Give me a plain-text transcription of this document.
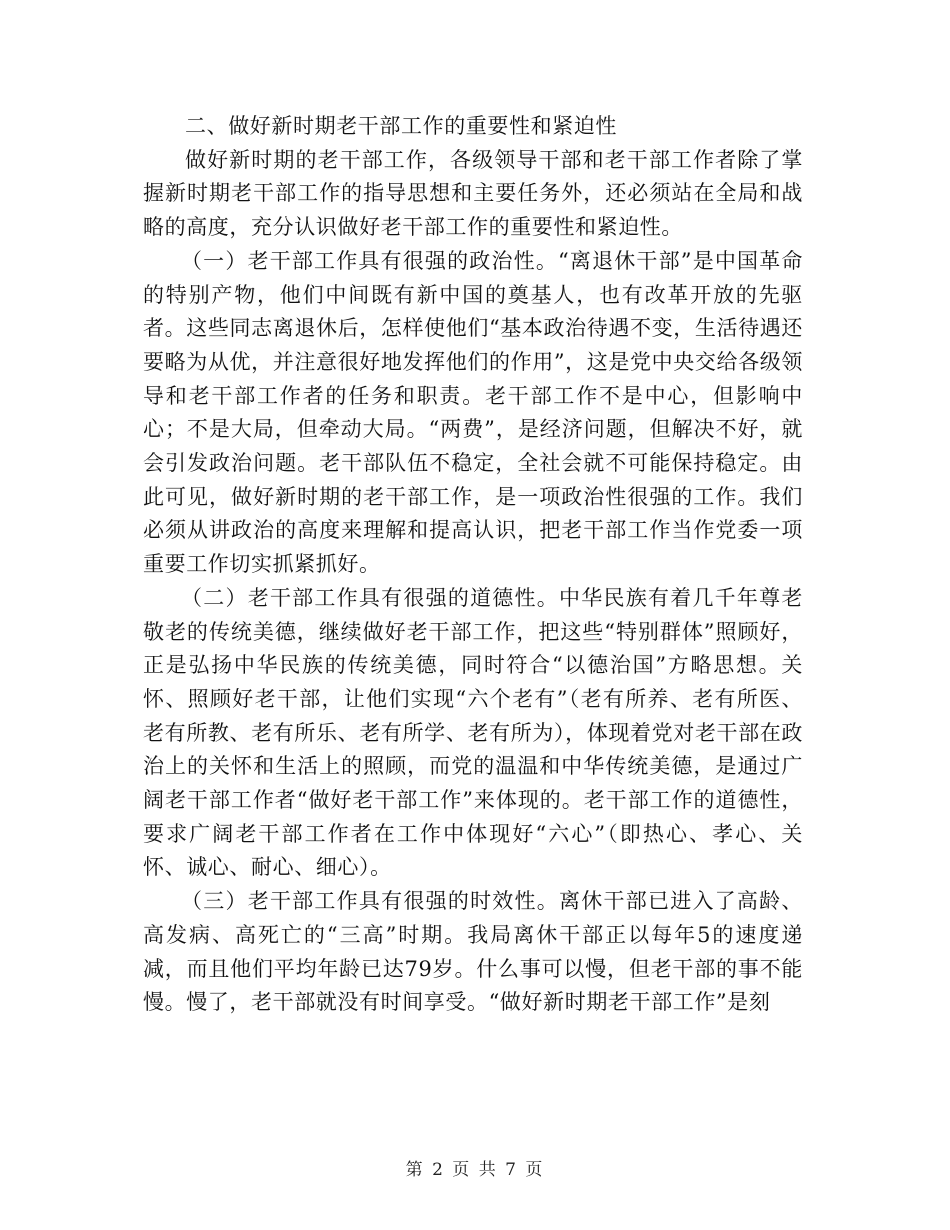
二、做好新时期老干部工作的重要性和紧迫性

做好新时期的老干部工作，各级领导干部和老干部工作者除了掌握新时期老干部工作的指导思想和主要任务外，还必须站在全局和战略的高度，充分认识做好老干部工作的重要性和紧迫性。

（一）老干部工作具有很强的政治性。“离退休干部”是中国革命的特别产物，他们中间既有新中国的奠基人，也有改革开放的先驱者。这些同志离退休后，怎样使他们“基本政治待遇不变，生活待遇还要略为从优，并注意很好地发挥他们的作用”，这是党中央交给各级领导和老干部工作者的任务和职责。老干部工作不是中心，但影响中心；不是大局，但牵动大局。“两费”，是经济问题，但解决不好，就会引发政治问题。老干部队伍不稳定，全社会就不可能保持稳定。由此可见，做好新时期的老干部工作，是一项政治性很强的工作。我们必须从讲政治的高度来理解和提高认识，把老干部工作当作党委一项重要工作切实抓紧抓好。

（二）老干部工作具有很强的道德性。中华民族有着几千年尊老敬老的传统美德，继续做好老干部工作，把这些“特别群体”照顾好，正是弘扬中华民族的传统美德，同时符合“以德治国”方略思想。关怀、照顾好老干部，让他们实现“六个老有”（老有所养、老有所医、老有所教、老有所乐、老有所学、老有所为），体现着党对老干部在政治上的关怀和生活上的照顾，而党的温温和中华传统美德，是通过广阔老干部工作者“做好老干部工作”来体现的。老干部工作的道德性，要求广阔老干部工作者在工作中体现好“六心”（即热心、孝心、关怀、诚心、耐心、细心）。

（三）老干部工作具有很强的时效性。离休干部已进入了高龄、高发病、高死亡的“三高”时期。我局离休干部正以每年5的速度递减，而且他们平均年龄已达79岁。什么事可以慢，但老干部的事不能慢。慢了，老干部就没有时间享受。“做好新时期老干部工作”是刻

第 2 页 共 7 页
